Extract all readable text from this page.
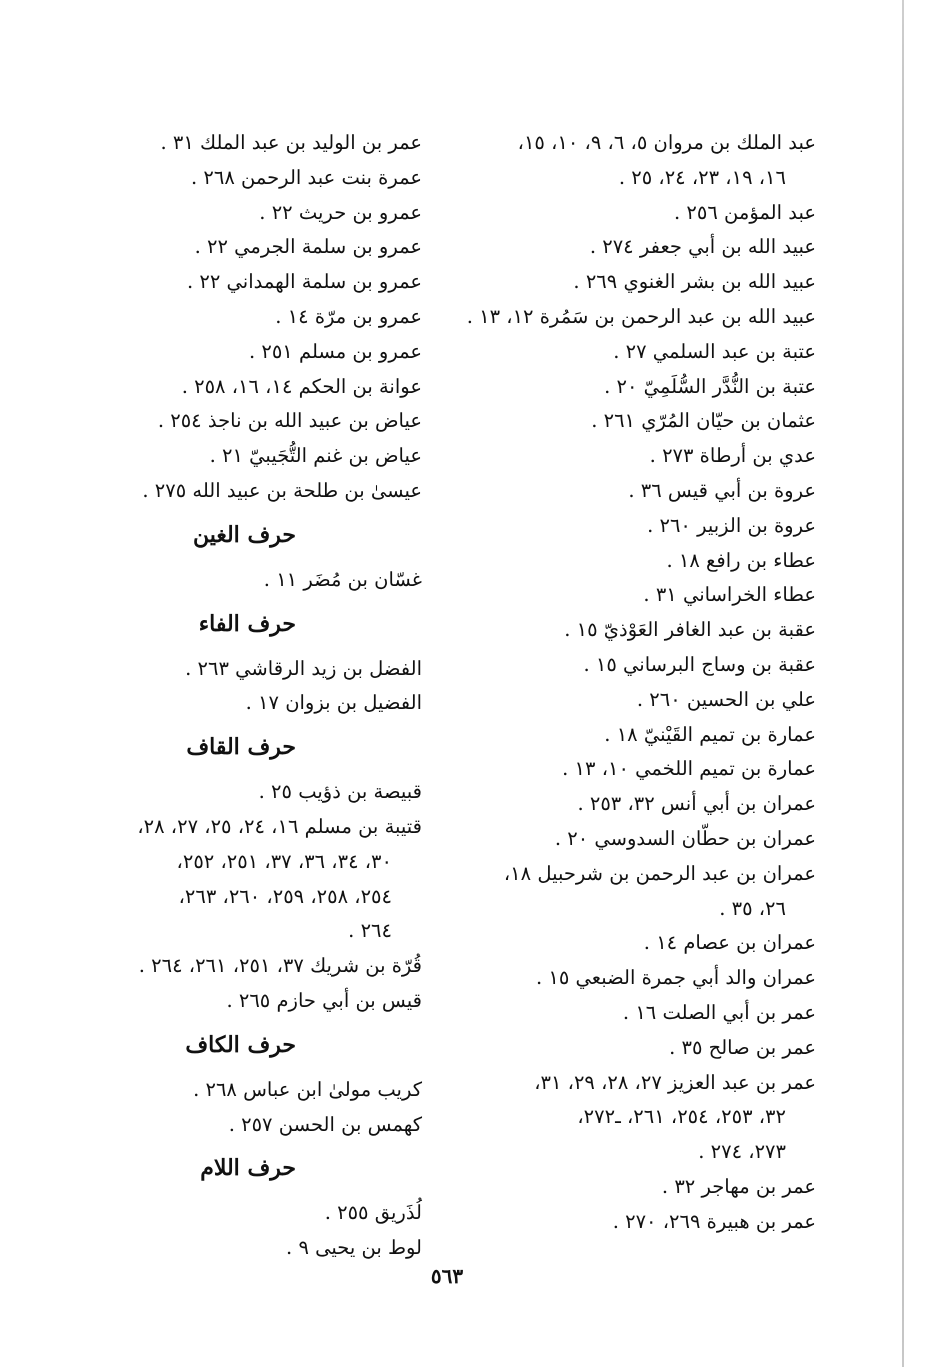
عبد الملك بن مروان ٥، ٦، ٩، ١٠، ١٥،

١٦، ١٩، ٢٣، ٢٤، ٢٥ .

عبد المؤمن ٢٥٦ .

عبيد الله بن أبي جعفر ٢٧٤ .

عبيد الله بن بشر الغنوي ٢٦٩ .

عبيد الله بن عبد الرحمن بن سَمُرة ١٢، ١٣ .

عتبة بن عبد السلمي ٢٧ .

عتبة بن النُّدَّر السُّلَمِيّ ٢٠ .

عثمان بن حيّان المُرّي ٢٦١ .

عدي بن أرطاة ٢٧٣ .

عروة بن أبي قيس ٣٦ .

عروة بن الزبير ٢٦٠ .

عطاء بن رافع ١٨ .

عطاء الخراساني ٣١ .

عقبة بن عبد الغافر العَوْذيّ ١٥ .

عقبة بن وساج البرساني ١٥ .

علي بن الحسين ٢٦٠ .

عمارة بن تميم القَيْنيّ ١٨ .

عمارة بن تميم اللخمي ١٠، ١٣ .

عمران بن أبي أنس ٣٢، ٢٥٣ .

عمران بن حطّان السدوسي ٢٠ .

عمران بن عبد الرحمن بن شرحبيل ١٨،

٢٦، ٣٥ .

عمران بن عصام ١٤ .

عمران والد أبي جمرة الضبعي ١٥ .

عمر بن أبي الصلت ١٦ .

عمر بن صالح ٣٥ .

عمر بن عبد العزيز ٢٧، ٢٨، ٢٩، ٣١،

٣٢، ٢٥٣، ٢٥٤، ٢٦١، ـ٢٧٢،
٢٧٣، ٢٧٤ .

عمر بن مهاجر ٣٢ .

عمر بن هبيرة ٢٦٩، ٢٧٠ .

عمر بن الوليد بن عبد الملك ٣١ .

عمرة بنت عبد الرحمن ٢٦٨ .

عمرو بن حريث ٢٢ .

عمرو بن سلمة الجرمي ٢٢ .

عمرو بن سلمة الهمداني ٢٢ .

عمرو بن مرّة ١٤ .

عمرو بن مسلم ٢٥١ .

عوانة بن الحكم ١٤، ١٦، ٢٥٨ .

عياض بن عبيد الله بن ناجذ ٢٥٤ .

عياض بن غنم التُّجَيبيّ ٢١ .

عيسىٰ بن طلحة بن عبيد الله ٢٧٥ .

حرف الغين

غسّان بن مُضَر ١١ .

حرف الفاء

الفضل بن زيد الرقاشي ٢٦٣ .

الفضيل بن بزوان ١٧ .

حرف القاف

قبيصة بن ذؤيب ٢٥ .

قتيبة بن مسلم ١٦، ٢٤، ٢٥، ٢٧، ٢٨،

٣٠، ٣٤، ٣٦، ٣٧، ٢٥١، ٢٥٢،
٢٥٤، ٢٥٨، ٢٥٩، ٢٦٠، ٢٦٣،
٢٦٤ .

قُرّة بن شريك ٣٧، ٢٥١، ٢٦١، ٢٦٤ .

قيس بن أبي حازم ٢٦٥ .

حرف الكاف

كريب مولىٰ ابن عباس ٢٦٨ .

كهمس بن الحسن ٢٥٧ .

حرف اللام

لُذَريق ٢٥٥ .

لوط بن يحيى ٩ .

٥٦٣
